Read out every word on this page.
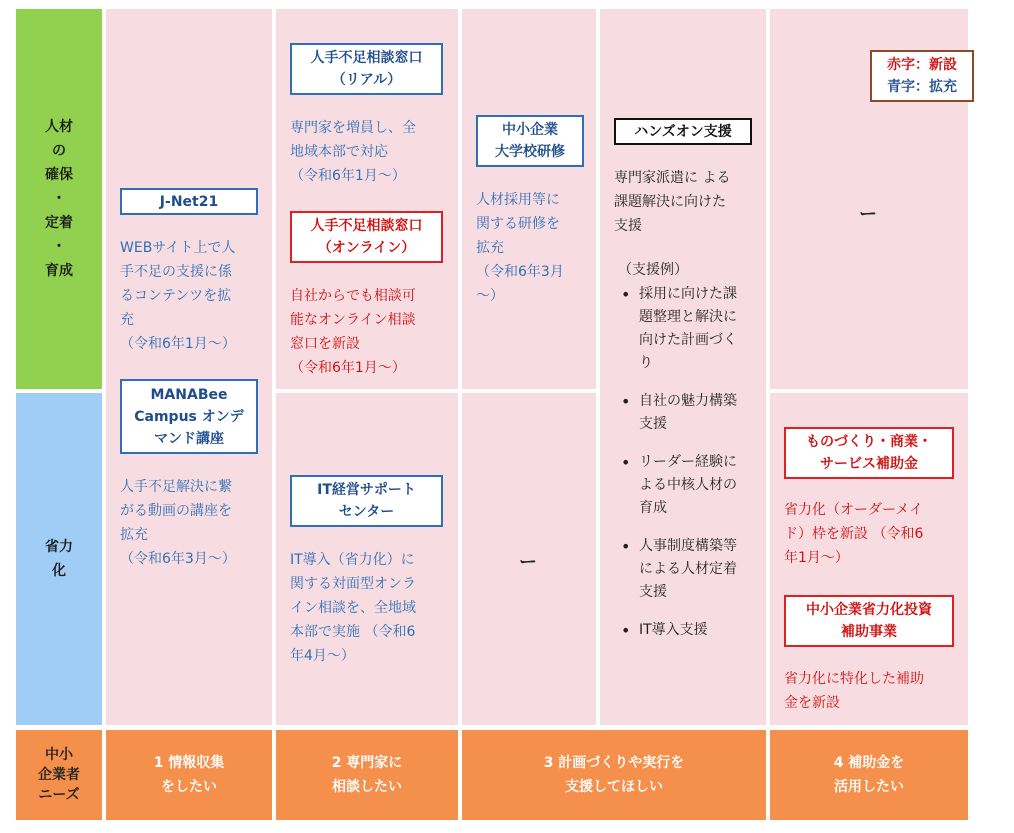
人材
の
確保
・
定着
・
育成
省力
化
中小
企業者
ニーズ
1 情報収集
をしたい
2 専門家に
相談したい
3 計画づくりや実行を
支援してほしい
4 補助金を
活用したい
赤字：新設
青字：拡充
J-Net21
WEBサイト上で人
手不足の支援に係
るコンテンツを拡
充
（令和6年1月～）
MANABee
Campus オンデ
マンド講座
人手不足解決に繋
がる動画の講座を
拡充
（令和6年3月～）
人手不足相談窓口
（リアル）
専門家を増員し、全
地域本部で対応
（令和6年1月～）
人手不足相談窓口
（オンライン）
自社からでも相談可
能なオンライン相談
窓口を新設
（令和6年1月～）
IT経営サポート
センター
IT導入（省力化）に
関する対面型オンラ
イン相談を、全地域
本部で実施 （令和6
年4月～）
中小企業
大学校研修
人材採用等に
関する研修を
拡充
（令和6年3月
～）
ー
ハンズオン支援
専門家派遣に よる
課題解決に向けた
支援
（支援例）
• 採用に向けた課
題整理と解決に
向けた計画づく
り
• 自社の魅力構築
支援
• リーダー経験に
よる中核人材の
育成
• 人事制度構築等
による人材定着
支援
• IT導入支援
ー
ものづくり・商業・
サービス補助金
省力化（オーダーメイ
ド）枠を新設 （令和6
年1月～）
中小企業省力化投資
補助事業
省力化に特化した補助
金を新設
